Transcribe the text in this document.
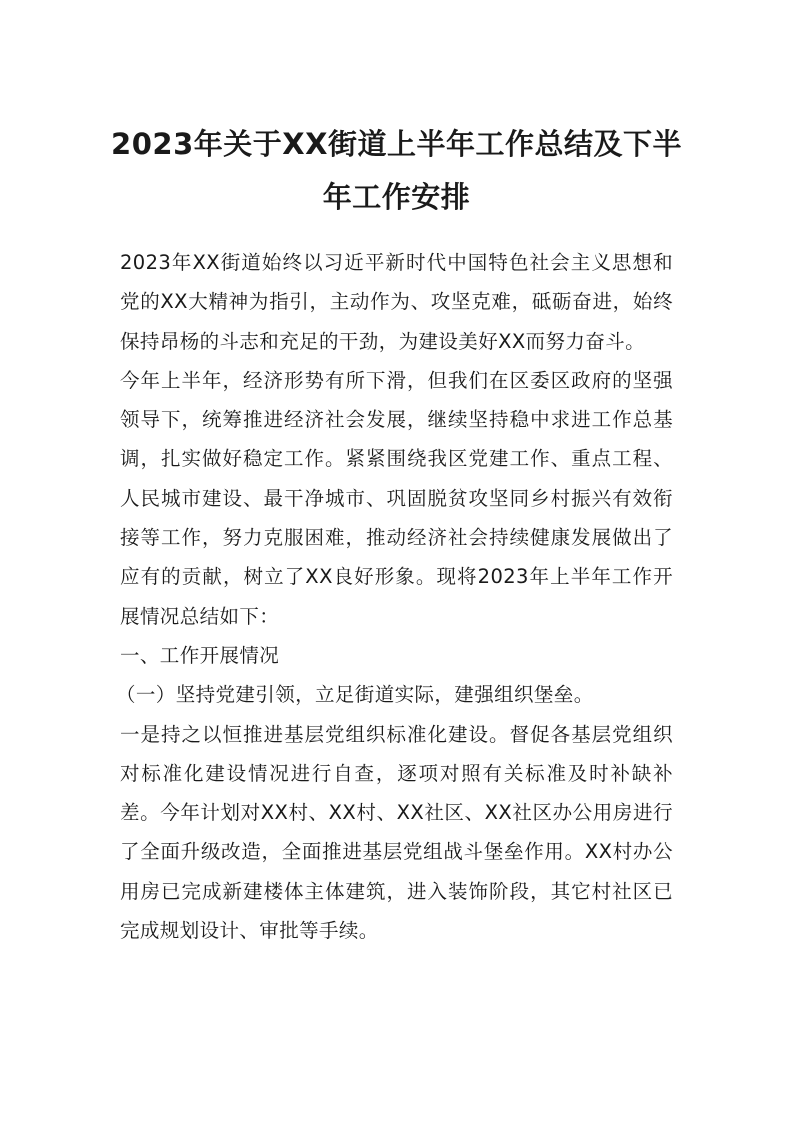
2023年关于XX街道上半年工作总结及下半
年工作安排

2023年XX街道始终以习近平新时代中国特色社会主义思想和党的XX大精神为指引，主动作为、攻坚克难，砥砺奋进，始终保持昂杨的斗志和充足的干劲，为建设美好XX而努力奋斗。

今年上半年，经济形势有所下滑，但我们在区委区政府的坚强领导下，统筹推进经济社会发展，继续坚持稳中求进工作总基调，扎实做好稳定工作。紧紧围绕我区党建工作、重点工程、人民城市建设、最干净城市、巩固脱贫攻坚同乡村振兴有效衔接等工作，努力克服困难，推动经济社会持续健康发展做出了应有的贡献，树立了XX良好形象。现将2023年上半年工作开展情况总结如下：

一、工作开展情况

（一）坚持党建引领，立足街道实际，建强组织堡垒。

一是持之以恒推进基层党组织标准化建设。督促各基层党组织对标准化建设情况进行自查，逐项对照有关标准及时补缺补差。今年计划对XX村、XX村、XX社区、XX社区办公用房进行了全面升级改造，全面推进基层党组战斗堡垒作用。XX村办公用房已完成新建楼体主体建筑，进入装饰阶段，其它村社区已完成规划设计、审批等手续。
